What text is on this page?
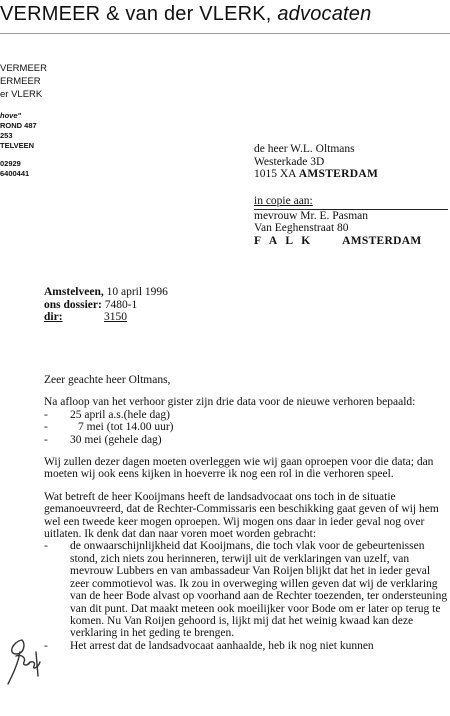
VERMEER & van der VLERK, advocaten
VERMEER
ERMEER
er VLERK
hove"
ROND 487
253
TELVEEN
02929
6400441
de heer W.L. Oltmans
Westerkade 3D
1015 XA AMSTERDAM
in copie aan:
mevrouw Mr. E. Pasman
Van Eeghenstraat 80
F A L K	AMSTERDAM
Amstelveen,
10 april 1996
ons dossier:
7480-1
dir:	3150

Zeer geachte heer Oltmans,

Na afloop van het verhoor gister zijn drie data voor de nieuwe verhoren bepaald:

- 25 april a.s.(hele dag)
-	7 mei (tot 14.00 uur)
- 30 mei (gehele dag)

Wij zullen dezer dagen moeten overleggen wie wij gaan oproepen voor die data; dan moeten wij ook eens kijken in hoeverre ik nog een rol in die verhoren speel.

Wat betreft de heer Kooijmans heeft de landsadvocaat ons toch in de situatie gemanoeuvreerd, dat de Rechter-Commissaris een beschikking gaat geven of wij hem wel een tweede keer mogen oproepen. Wij mogen ons daar in ieder geval nog over uitlaten. Ik denk dat dan naar voren moet worden gebracht:

- de onwaarschijnlijkheid dat Kooijmans, die toch vlak voor de gebeurtenissen stond, zich niets zou herinneren, terwijl uit de verklaringen van uzelf, van mevrouw Lubbers en van ambassadeur Van Roijen blijkt dat het in ieder geval zeer commotievol was. Ik zou in overweging willen geven dat wij de verklaring van de heer Bode alvast op voorhand aan de Rechter toezenden, ter ondersteuning van dit punt. Dat maakt meteen ook moeilijker voor Bode om er later op terug te komen. Nu Van Roijen gehoord is, lijkt mij dat het weinig kwaad kan deze verklaring in het geding te brengen.
- Het arrest dat de landsadvocaat aanhaalde, heb ik nog niet kunnen
